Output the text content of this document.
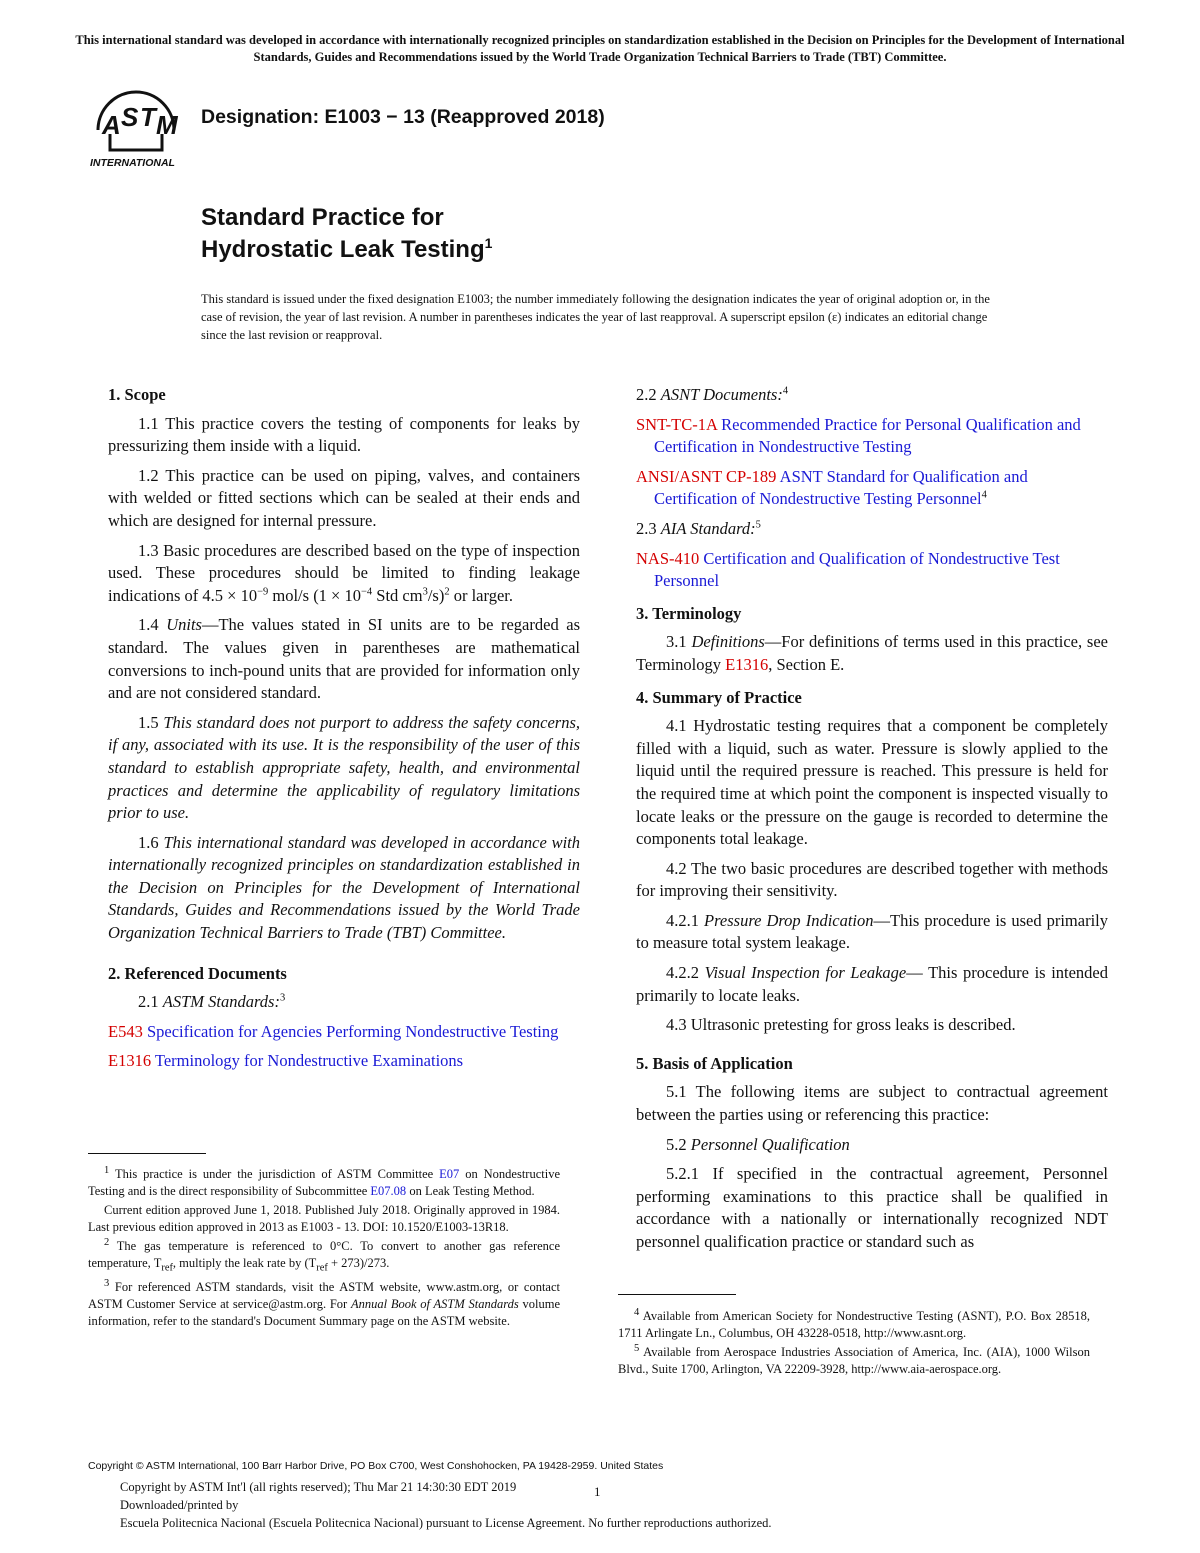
This international standard was developed in accordance with internationally recognized principles on standardization established in the Decision on Principles for the Development of International Standards, Guides and Recommendations issued by the World Trade Organization Technical Barriers to Trade (TBT) Committee.
A S T M
INTERNATIONAL
Designation: E1003 − 13 (Reapproved 2018)
Standard Practice for
Hydrostatic Leak Testing$^1$
This standard is issued under the fixed designation E1003; the number immediately following the designation indicates the year of original adoption or, in the case of revision, the year of last revision. A number in parentheses indicates the year of last reapproval. A superscript epsilon (ε) indicates an editorial change since the last revision or reapproval.
1. Scope

1.1 This practice covers the testing of components for leaks by pressurizing them inside with a liquid.

1.2 This practice can be used on piping, valves, and containers with welded or fitted sections which can be sealed at their ends and which are designed for internal pressure.

1.3 Basic procedures are described based on the type of inspection used. These procedures should be limited to finding leakage indications of $4.5 \times 10^{-9}$ mol/s ($1 \times 10^{-4}$ Std $cm^3/s)^2$ or larger.

1.4 Units—The values stated in SI units are to be regarded as standard. The values given in parentheses are mathematical conversions to inch-pound units that are provided for information only and are not considered standard.

1.5 This standard does not purport to address the safety concerns, if any, associated with its use. It is the responsibility of the user of this standard to establish appropriate safety, health, and environmental practices and determine the applicability of regulatory limitations prior to use.

1.6 This international standard was developed in accordance with internationally recognized principles on standardization established in the Decision on Principles for the Development of International Standards, Guides and Recommendations issued by the World Trade Organization Technical Barriers to Trade (TBT) Committee.

2. Referenced Documents

2.1 ASTM Standards:$^3$

E543 Specification for Agencies Performing Nondestructive Testing

E1316 Terminology for Nondestructive Examinations

2.2 ASNT Documents:$^4$

SNT-TC-1A Recommended Practice for Personal Qualification and Certification in Nondestructive Testing

ANSI/ASNT CP-189 ASNT Standard for Qualification and Certification of Nondestructive Testing Personnel$^4$

2.3 AIA Standard:$^5$

NAS-410 Certification and Qualification of Nondestructive Test Personnel

3. Terminology

3.1 Definitions—For definitions of terms used in this practice, see Terminology E1316, Section E.

4. Summary of Practice

4.1 Hydrostatic testing requires that a component be completely filled with a liquid, such as water. Pressure is slowly applied to the liquid until the required pressure is reached. This pressure is held for the required time at which point the component is inspected visually to locate leaks or the pressure on the gauge is recorded to determine the components total leakage.

4.2 The two basic procedures are described together with methods for improving their sensitivity.

4.2.1 Pressure Drop Indication—This procedure is used primarily to measure total system leakage.

4.2.2 Visual Inspection for Leakage— This procedure is intended primarily to locate leaks.

4.3 Ultrasonic pretesting for gross leaks is described.

5. Basis of Application

5.1 The following items are subject to contractual agreement between the parties using or referencing this practice:

5.2 Personnel Qualification

5.2.1 If specified in the contractual agreement, Personnel performing examinations to this practice shall be qualified in accordance with a nationally or internationally recognized NDT personnel qualification practice or standard such as

$^1$ This practice is under the jurisdiction of ASTM Committee E07 on Nondestructive Testing and is the direct responsibility of Subcommittee E07.08 on Leak Testing Method.

Current edition approved June 1, 2018. Published July 2018. Originally approved in 1984. Last previous edition approved in 2013 as E1003 - 13. DOI: 10.1520/E1003-13R18.

$^2$ The gas temperature is referenced to 0°C. To convert to another gas reference temperature, $T_{ref}$, multiply the leak rate by $(T_{ref} + 273)/273$.

$^3$ For referenced ASTM standards, visit the ASTM website, www.astm.org, or contact ASTM Customer Service at service@astm.org. For Annual Book of ASTM Standards volume information, refer to the standard's Document Summary page on the ASTM website.

$^4$ Available from American Society for Nondestructive Testing (ASNT), P.O. Box 28518, 1711 Arlingate Ln., Columbus, OH 43228-0518, http://www.asnt.org.

$^5$ Available from Aerospace Industries Association of America, Inc. (AIA), 1000 Wilson Blvd., Suite 1700, Arlington, VA 22209-3928, http://www.aia-aerospace.org.

Copyright © ASTM International, 100 Barr Harbor Drive, PO Box C700, West Conshohocken, PA 19428-2959. United States
Copyright by ASTM Int'l (all rights reserved); Thu Mar 21 14:30:30 EDT 2019
Downloaded/printed by
Escuela Politecnica Nacional (Escuela Politecnica Nacional) pursuant to License Agreement. No further reproductions authorized.
1
